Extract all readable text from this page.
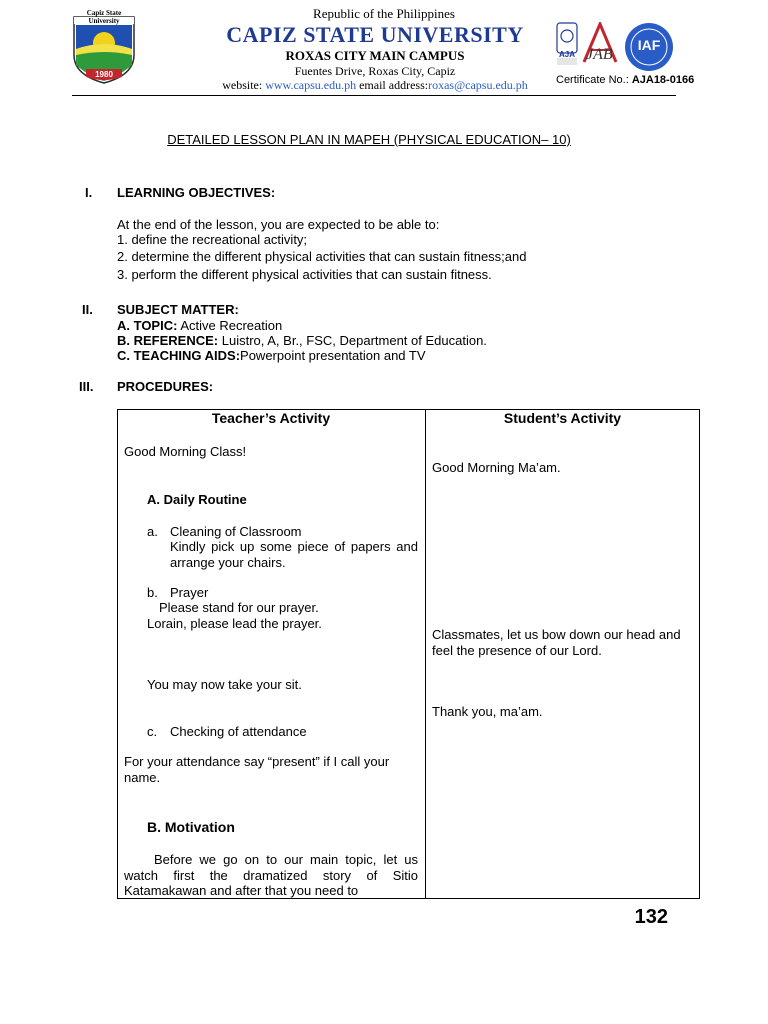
Capiz State University
1980
Republic of the Philippines
CAPIZ STATE UNIVERSITY
ROXAS CITY MAIN CAMPUS
Fuentes Drive, Roxas City, Capiz
website: www.capsu.edu.ph email address:roxas@capsu.edu.ph
AJA JAB
IAF
Certificate No.: AJA18-0166
DETAILED LESSON PLAN IN MAPEH (PHYSICAL EDUCATION– 10)
I. LEARNING OBJECTIVES:
At the end of the lesson, you are expected to be able to:
1. define the recreational activity;
2. determine the different physical activities that can sustain fitness;and
3. perform the different physical activities that can sustain fitness.
II. SUBJECT MATTER:
A. TOPIC: Active Recreation
B. REFERENCE: Luistro, A, Br., FSC, Department of Education.
C. TEACHING AIDS:Powerpoint presentation and TV
III. PROCEDURES:
Teacher’s Activity	Student’s Activity
Good Morning Class!
A. Daily Routine
a. Cleaning of Classroom
Kindly pick up some piece of papers and arrange your chairs.
b. Prayer
Please stand for our prayer.
Lorain, please lead the prayer.
You may now take your sit.
c. Checking of attendance
For your attendance say “present” if I call your name.
B. Motivation
Before we go on to our main topic, let us watch first the dramatized story of Sitio Katamakawan and after that you need to
Good Morning Ma’am.
Classmates, let us bow down our head and feel the presence of our Lord.
Thank you, ma’am.
132
